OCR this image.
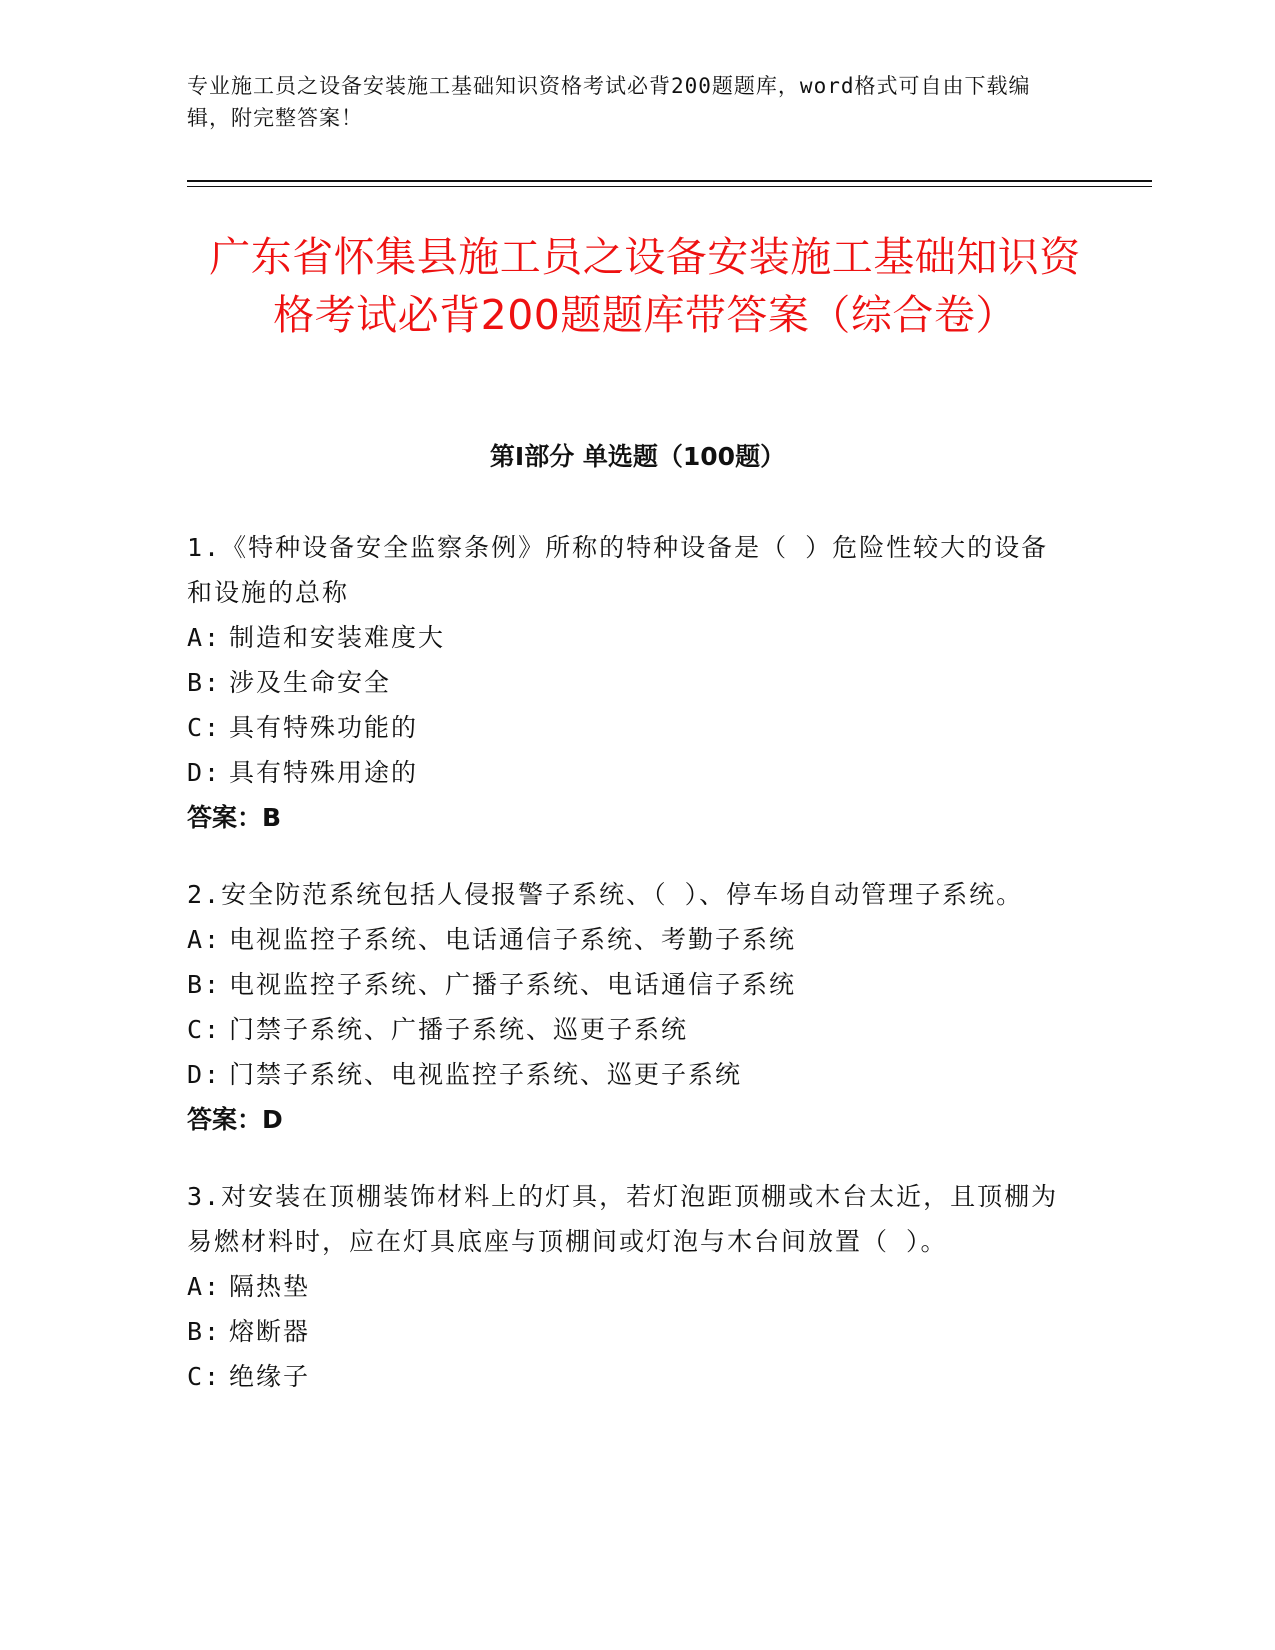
专业施工员之设备安装施工基础知识资格考试必背200题题库，word格式可自由下载编辑，附完整答案！
广东省怀集县施工员之设备安装施工基础知识资格考试必背200题题库带答案（综合卷）
第Ⅰ部分 单选题（100题）
1.《特种设备安全监察条例》所称的特种设备是（ ）危险性较大的设备和设施的总称
A: 制造和安装难度大
B: 涉及生命安全
C: 具有特殊功能的
D: 具有特殊用途的
答案：B
2.安全防范系统包括人侵报警子系统、（ ）、停车场自动管理子系统。
A: 电视监控子系统、电话通信子系统、考勤子系统
B: 电视监控子系统、广播子系统、电话通信子系统
C: 门禁子系统、广播子系统、巡更子系统
D: 门禁子系统、电视监控子系统、巡更子系统
答案：D
3.对安装在顶棚装饰材料上的灯具，若灯泡距顶棚或木台太近，且顶棚为易燃材料时，应在灯具底座与顶棚间或灯泡与木台间放置（ ）。
A: 隔热垫
B: 熔断器
C: 绝缘子
